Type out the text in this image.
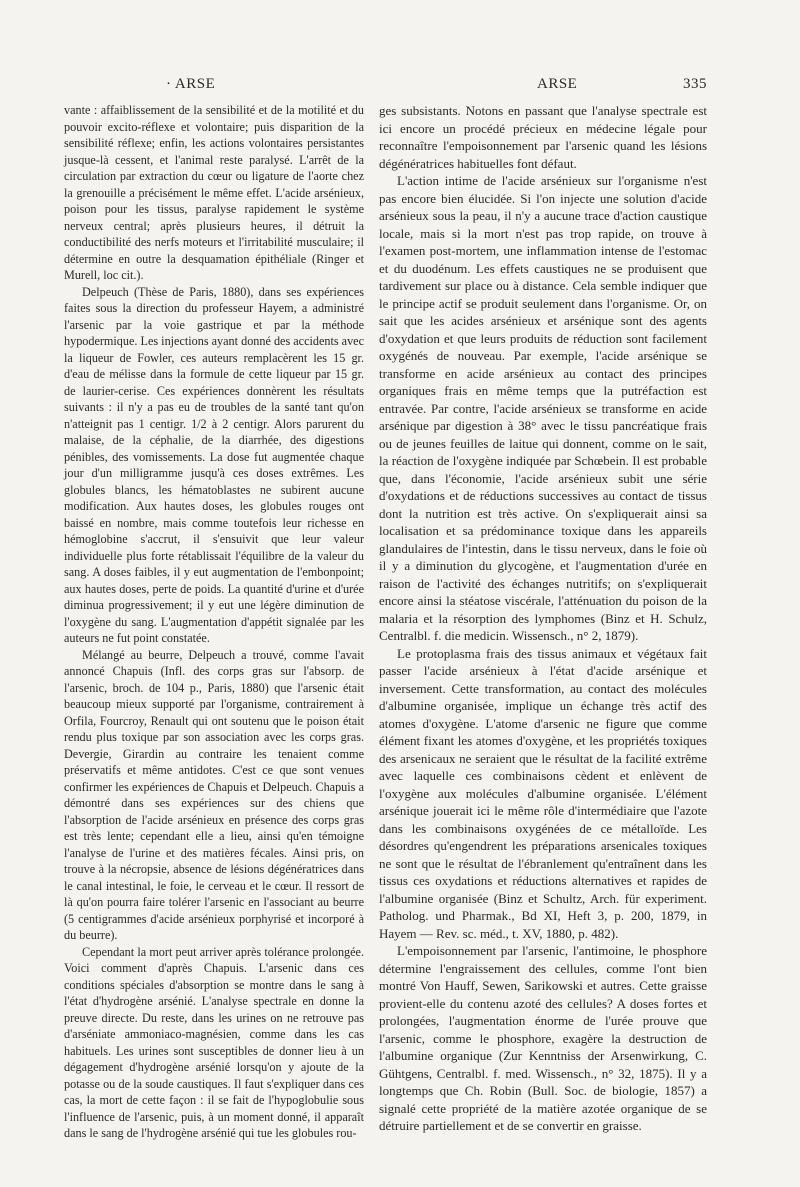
· ARSE	ARSE	335

vante : affaiblissement de la sensibilité et de la motilité et du pouvoir excito-réflexe et volontaire; puis disparition de la sensibilité réflexe; enfin, les actions volontaires persistantes jusque-là cessent, et l'animal reste paralysé. L'arrêt de la circulation par extraction du cœur ou ligature de l'aorte chez la grenouille a précisément le même effet. L'acide arsénieux, poison pour les tissus, paralyse rapidement le système nerveux central; après plusieurs heures, il détruit la conductibilité des nerfs moteurs et l'irritabilité musculaire; il détermine en outre la desquamation épithéliale (Ringer et Murell, loc cit.).

Delpeuch (Thèse de Paris, 1880), dans ses expériences faites sous la direction du professeur Hayem, a administré l'arsenic par la voie gastrique et par la méthode hypodermique. Les injections ayant donné des accidents avec la liqueur de Fowler, ces auteurs remplacèrent les 15 gr. d'eau de mélisse dans la formule de cette liqueur par 15 gr. de laurier-cerise. Ces expériences donnèrent les résultats suivants : il n'y a pas eu de troubles de la santé tant qu'on n'atteignit pas 1 centigr. 1/2 à 2 centigr. Alors parurent du malaise, de la céphalie, de la diarrhée, des digestions pénibles, des vomissements. La dose fut augmentée chaque jour d'un milligramme jusqu'à ces doses extrêmes. Les globules blancs, les hématoblastes ne subirent aucune modification. Aux hautes doses, les globules rouges ont baissé en nombre, mais comme toutefois leur richesse en hémoglobine s'accrut, il s'ensuivit que leur valeur individuelle plus forte rétablissait l'équilibre de la valeur du sang. A doses faibles, il y eut augmentation de l'embonpoint; aux hautes doses, perte de poids. La quantité d'urine et d'urée diminua progressivement; il y eut une légère diminution de l'oxygène du sang. L'augmentation d'appétit signalée par les auteurs ne fut point constatée.

Mélangé au beurre, Delpeuch a trouvé, comme l'avait annoncé Chapuis (Infl. des corps gras sur l'absorp. de l'arsenic, broch. de 104 p., Paris, 1880) que l'arsenic était beaucoup mieux supporté par l'organisme, contrairement à Orfila, Fourcroy, Renault qui ont soutenu que le poison était rendu plus toxique par son association avec les corps gras. Devergie, Girardin au contraire les tenaient comme préservatifs et même antidotes. C'est ce que sont venues confirmer les expériences de Chapuis et Delpeuch. Chapuis a démontré dans ses expériences sur des chiens que l'absorption de l'acide arsénieux en présence des corps gras est très lente; cependant elle a lieu, ainsi qu'en témoigne l'analyse de l'urine et des matières fécales. Ainsi pris, on trouve à la nécropsie, absence de lésions dégénératrices dans le canal intestinal, le foie, le cerveau et le cœur. Il ressort de là qu'on pourra faire tolérer l'arsenic en l'associant au beurre (5 centigrammes d'acide arsénieux porphyrisé et incorporé à du beurre).

Cependant la mort peut arriver après tolérance prolongée. Voici comment d'après Chapuis. L'arsenic dans ces conditions spéciales d'absorption se montre dans le sang à l'état d'hydrogène arsénié. L'analyse spectrale en donne la preuve directe. Du reste, dans les urines on ne retrouve pas d'arséniate ammoniaco-magnésien, comme dans les cas habituels. Les urines sont susceptibles de donner lieu à un dégagement d'hydrogène arsénié lorsqu'on y ajoute de la potasse ou de la soude caustiques. Il faut s'expliquer dans ces cas, la mort de cette façon : il se fait de l'hypoglobulie sous l'influence de l'arsenic, puis, à un moment donné, il apparaît dans le sang de l'hydrogène arsénié qui tue les globules rou-

ges subsistants. Notons en passant que l'analyse spectrale est ici encore un procédé précieux en médecine légale pour reconnaître l'empoisonnement par l'arsenic quand les lésions dégénératrices habituelles font défaut.

L'action intime de l'acide arsénieux sur l'organisme n'est pas encore bien élucidée. Si l'on injecte une solution d'acide arsénieux sous la peau, il n'y a aucune trace d'action caustique locale, mais si la mort n'est pas trop rapide, on trouve à l'examen post-mortem, une inflammation intense de l'estomac et du duodénum. Les effets caustiques ne se produisent que tardivement sur place ou à distance. Cela semble indiquer que le principe actif se produit seulement dans l'organisme. Or, on sait que les acides arsénieux et arsénique sont des agents d'oxydation et que leurs produits de réduction sont facilement oxygénés de nouveau. Par exemple, l'acide arsénique se transforme en acide arsénieux au contact des principes organiques frais en même temps que la putréfaction est entravée. Par contre, l'acide arsénieux se transforme en acide arsénique par digestion à 38° avec le tissu pancréatique frais ou de jeunes feuilles de laitue qui donnent, comme on le sait, la réaction de l'oxygène indiquée par Schœbein. Il est probable que, dans l'économie, l'acide arsénieux subit une série d'oxydations et de réductions successives au contact de tissus dont la nutrition est très active. On s'expliquerait ainsi sa localisation et sa prédominance toxique dans les appareils glandulaires de l'intestin, dans le tissu nerveux, dans le foie où il y a diminution du glycogène, et l'augmentation d'urée en raison de l'activité des échanges nutritifs; on s'expliquerait encore ainsi la stéatose viscérale, l'atténuation du poison de la malaria et la résorption des lymphomes (Binz et H. Schulz, Centralbl. f. die medicin. Wissensch., n° 2, 1879).

Le protoplasma frais des tissus animaux et végétaux fait passer l'acide arsénieux à l'état d'acide arsénique et inversement. Cette transformation, au contact des molécules d'albumine organisée, implique un échange très actif des atomes d'oxygène. L'atome d'arsenic ne figure que comme élément fixant les atomes d'oxygène, et les propriétés toxiques des arsenicaux ne seraient que le résultat de la facilité extrême avec laquelle ces combinaisons cèdent et enlèvent de l'oxygène aux molécules d'albumine organisée. L'élément arsénique jouerait ici le même rôle d'intermédiaire que l'azote dans les combinaisons oxygénées de ce métalloïde. Les désordres qu'engendrent les préparations arsenicales toxiques ne sont que le résultat de l'ébranlement qu'entraînent dans les tissus ces oxydations et réductions alternatives et rapides de l'albumine organisée (Binz et Schultz, Arch. für experiment. Patholog. und Pharmak., Bd XI, Heft 3, p. 200, 1879, in Hayem — Rev. sc. méd., t. XV, 1880, p. 482).

L'empoisonnement par l'arsenic, l'antimoine, le phosphore détermine l'engraissement des cellules, comme l'ont bien montré Von Hauff, Sewen, Sarikowski et autres. Cette graisse provient-elle du contenu azoté des cellules? A doses fortes et prolongées, l'augmentation énorme de l'urée prouve que l'arsenic, comme le phosphore, exagère la destruction de l'albumine organique (Zur Kenntniss der Arsenwirkung, C. Gühtgens, Centralbl. f. med. Wissensch., n° 32, 1875). Il y a longtemps que Ch. Robin (Bull. Soc. de biologie, 1857) a signalé cette propriété de la matière azotée organique de se détruire partiellement et de se convertir en graisse.
